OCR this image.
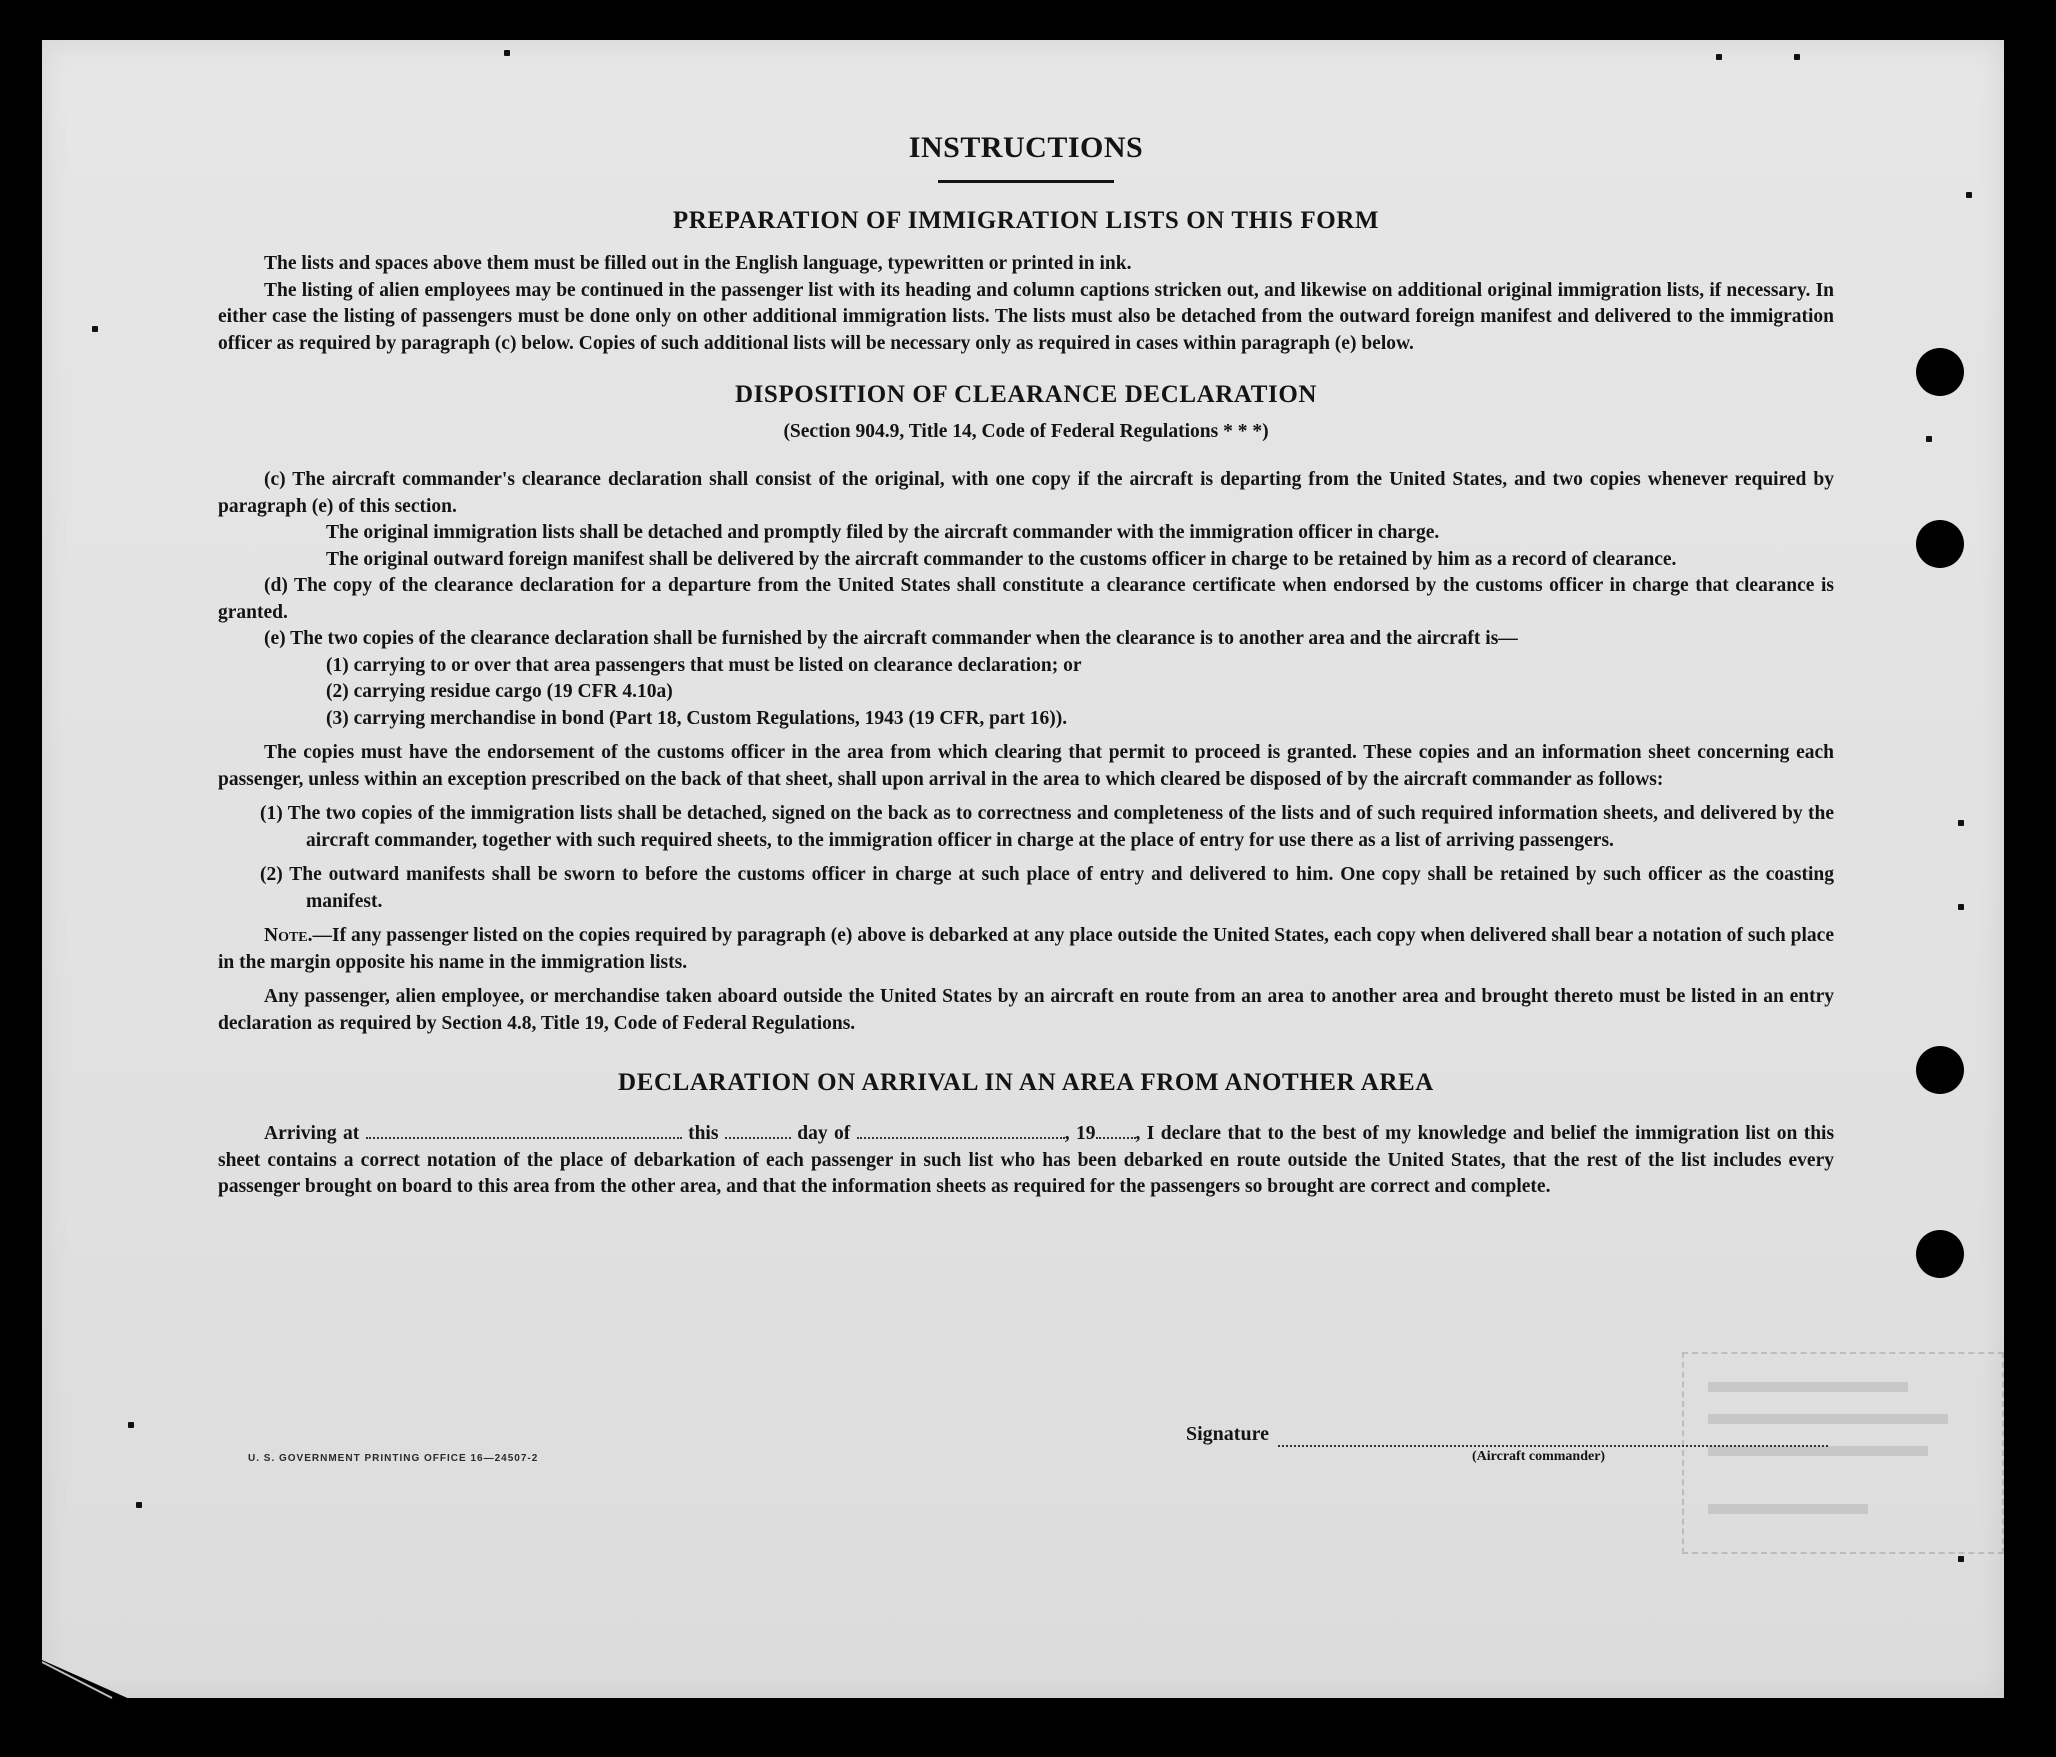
INSTRUCTIONS
PREPARATION OF IMMIGRATION LISTS ON THIS FORM

The lists and spaces above them must be filled out in the English language, typewritten or printed in ink.

The listing of alien employees may be continued in the passenger list with its heading and column captions stricken out, and likewise on additional original immigration lists, if necessary. In either case the listing of passengers must be done only on other additional immigration lists. The lists must also be detached from the outward foreign manifest and delivered to the immigration officer as required by paragraph (c) below. Copies of such additional lists will be necessary only as required in cases within paragraph (e) below.

DISPOSITION OF CLEARANCE DECLARATION
(Section 904.9, Title 14, Code of Federal Regulations * * *)

(c) The aircraft commander's clearance declaration shall consist of the original, with one copy if the aircraft is departing from the United States, and two copies whenever required by paragraph (e) of this section.

The original immigration lists shall be detached and promptly filed by the aircraft commander with the immigration officer in charge.

The original outward foreign manifest shall be delivered by the aircraft commander to the customs officer in charge to be retained by him as a record of clearance.

(d) The copy of the clearance declaration for a departure from the United States shall constitute a clearance certificate when endorsed by the customs officer in charge that clearance is granted.

(e) The two copies of the clearance declaration shall be furnished by the aircraft commander when the clearance is to another area and the aircraft is—

(1) carrying to or over that area passengers that must be listed on clearance declaration; or

(2) carrying residue cargo (19 CFR 4.10a)

(3) carrying merchandise in bond (Part 18, Custom Regulations, 1943 (19 CFR, part 16)).

The copies must have the endorsement of the customs officer in the area from which clearing that permit to proceed is granted. These copies and an information sheet concerning each passenger, unless within an exception prescribed on the back of that sheet, shall upon arrival in the area to which cleared be disposed of by the aircraft commander as follows:

(1) The two copies of the immigration lists shall be detached, signed on the back as to correctness and completeness of the lists and of such required information sheets, and delivered by the aircraft commander, together with such required sheets, to the immigration officer in charge at the place of entry for use there as a list of arriving passengers.

(2) The outward manifests shall be sworn to before the customs officer in charge at such place of entry and delivered to him. One copy shall be retained by such officer as the coasting manifest.

Note.—If any passenger listed on the copies required by paragraph (e) above is debarked at any place outside the United States, each copy when delivered shall bear a notation of such place in the margin opposite his name in the immigration lists.

Any passenger, alien employee, or merchandise taken aboard outside the United States by an aircraft en route from an area to another area and brought thereto must be listed in an entry declaration as required by Section 4.8, Title 19, Code of Federal Regulations.

DECLARATION ON ARRIVAL IN AN AREA FROM ANOTHER AREA

Arriving at	this	day of	, 19 , I declare that to the best of my knowledge and belief the immigration list on this sheet contains a correct notation of the place of debarkation of each passenger in such list who has been debarked en route outside the United States, that the rest of the list includes every passenger brought on board to this area from the other area, and that the information sheets as required for the passengers so brought are correct and complete.

U. S. GOVERNMENT PRINTING OFFICE 16—24507-2
Signature
(Aircraft commander)
